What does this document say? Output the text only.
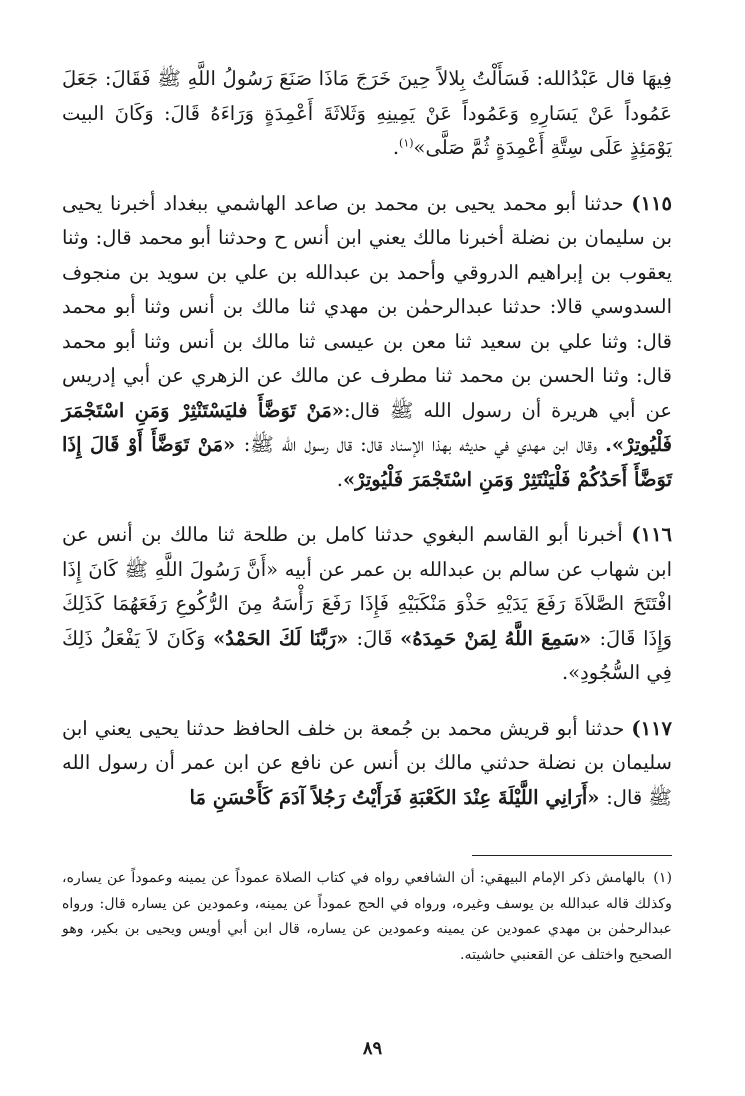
فِيهَا قال عَبْدُالله: فَسَأَلْتُ بِلالاً حِينَ خَرَجَ مَاذَا صَنَعَ رَسُولُ اللَّهِ ﷺ فَقَالَ: جَعَلَ عَمُوداً عَنْ يَسَارِهِ وَعَمُوداً عَنْ يَمِينِهِ وَثَلاثَةَ أَعْمِدَةٍ وَرَاءَهُ قَالَ: وَكَانَ البيت يَوْمَئِذٍ عَلَى سِتَّةِ أَعْمِدَةٍ ثُمَّ صَلَّى»$^{(١)}$.

١١٥) حدثنا أبو محمد يحيى بن محمد بن صاعد الهاشمي ببغداد أخبرنا يحيى بن سليمان بن نضلة أخبرنا مالك يعني ابن أنس ح وحدثنا أبو محمد قال: وثنا يعقوب بن إبراهيم الدروقي وأحمد بن عبدالله بن علي بن سويد بن منجوف السدوسي قالا: حدثنا عبدالرحمٰن بن مهدي ثنا مالك بن أنس وثنا أبو محمد قال: وثنا علي بن سعيد ثنا معن بن عيسى ثنا مالك بن أنس وثنا أبو محمد قال: وثنا الحسن بن محمد ثنا مطرف عن مالك عن الزهري عن أبي إدريس عن أبي هريرة أن رسول الله ﷺ قال:«مَنْ تَوَضَّأَ فليَسْتَنْثِرْ وَمَنِ اسْتَجْمَرَ فَلْيُوتِرْ». وقال ابن مهدي في حديثه بهذا الإسناد قال: قال رسول الله ﷺ: «مَنْ تَوَضَّأَ أَوْ قَالَ إِذَا تَوَضَّأَ أَحَدُكُمْ فَلْيَنْتَثِرْ وَمَنِ اسْتَجْمَرَ فَلْيُوتِرْ».

١١٦) أخبرنا أبو القاسم البغوي حدثنا كامل بن طلحة ثنا مالك بن أنس عن ابن شهاب عن سالم بن عبدالله بن عمر عن أبيه «أَنَّ رَسُولَ اللَّهِ ﷺ كَانَ إِذَا افْتَتَحَ الصَّلاَةَ رَفَعَ يَدَيْهِ حَذْوَ مَنْكَبَيْهِ فَإِذَا رَفَعَ رَأْسَهُ مِنَ الرُّكُوعِ رَفَعَهُمَا كَذَلِكَ وَإِذَا قَالَ: «سَمِعَ اللَّهُ لِمَنْ حَمِدَهُ» قَالَ: «رَبَّنَا لَكَ الحَمْدُ» وَكَانَ لاَ يَفْعَلُ ذَلِكَ فِي السُّجُودِ».

١١٧) حدثنا أبو قريش محمد بن جُمعة بن خلف الحافظ حدثنا يحيى يعني ابن سليمان بن نضلة حدثني مالك بن أنس عن نافع عن ابن عمر أن رسول الله ﷺ قال: «أَرَانِي اللَّيْلَةَ عِنْدَ الكَعْبَةِ فَرَأَيْتُ رَجُلاً آدَمَ كَأَحْسَنِ مَا

(١)بالهامش ذكر الإمام البيهقي: أن الشافعي رواه في كتاب الصلاة عموداً عن يمينه وعموداً عن يساره، وكذلك قاله عبدالله بن يوسف وغيره، ورواه في الحج عموداً عن يمينه، وعمودين عن يساره قال: ورواه عبدالرحمٰن بن مهدي عمودين عن يمينه وعمودين عن يساره، قال ابن أبي أويس ويحيى بن بكير، وهو الصحيح واختلف عن القعنبي حاشيته.
٨٩
